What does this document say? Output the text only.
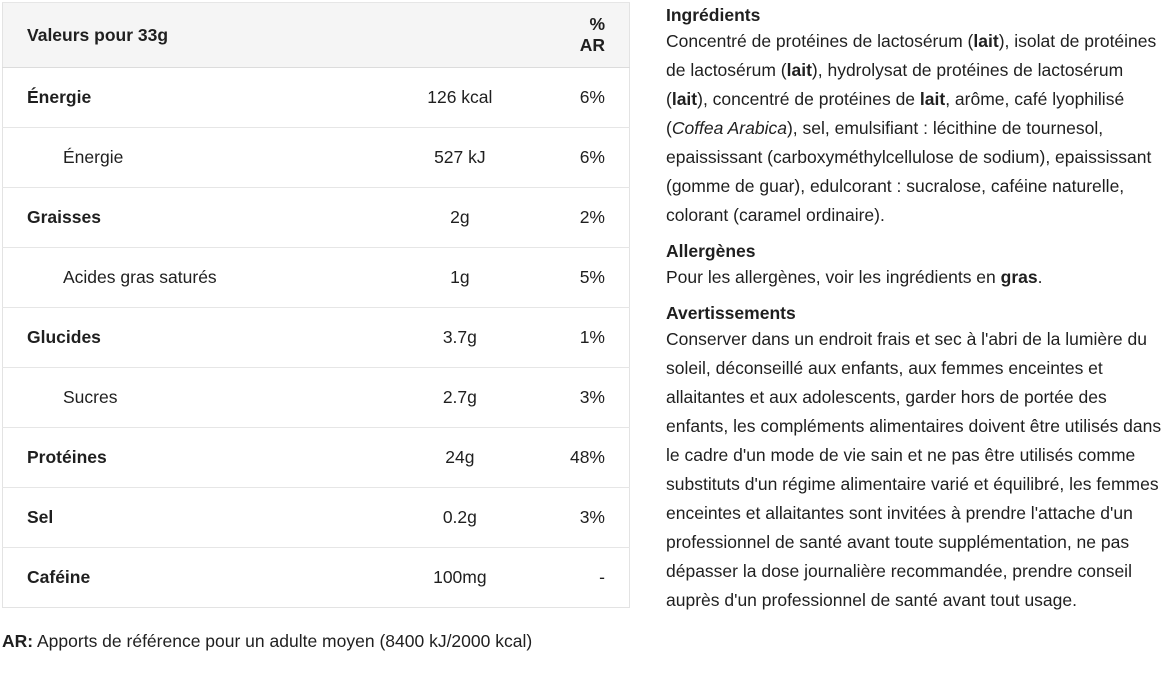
Valeurs pour 33g		% AR
Énergie	126 kcal	6%
Énergie	527 kJ	6%
Graisses	2g	2%
Acides gras saturés	1g	5%
Glucides	3.7g	1%
Sucres	2.7g	3%
Protéines	24g	48%
Sel	0.2g	3%
Caféine	100mg	-
AR: Apports de référence pour un adulte moyen (8400 kJ/2000 kcal)
Ingrédients

Concentré de protéines de lactosérum (lait), isolat de protéines de lactosérum (lait), hydrolysat de protéines de lactosérum (lait), concentré de protéines de lait, arôme, café lyophilisé (Coffea Arabica), sel, emulsifiant : lécithine de tournesol, epaississant (carboxyméthylcellulose de sodium), epaississant (gomme de guar), edulcorant : sucralose, caféine naturelle, colorant (caramel ordinaire).

Allergènes

Pour les allergènes, voir les ingrédients en gras.

Avertissements

Conserver dans un endroit frais et sec à l'abri de la lumière du soleil, déconseillé aux enfants, aux femmes enceintes et allaitantes et aux adolescents, garder hors de portée des enfants, les compléments alimentaires doivent être utilisés dans le cadre d'un mode de vie sain et ne pas être utilisés comme substituts d'un régime alimentaire varié et équilibré, les femmes enceintes et allaitantes sont invitées à prendre l'attache d'un professionnel de santé avant toute supplémentation, ne pas dépasser la dose journalière recommandée, prendre conseil auprès d'un professionnel de santé avant tout usage.
